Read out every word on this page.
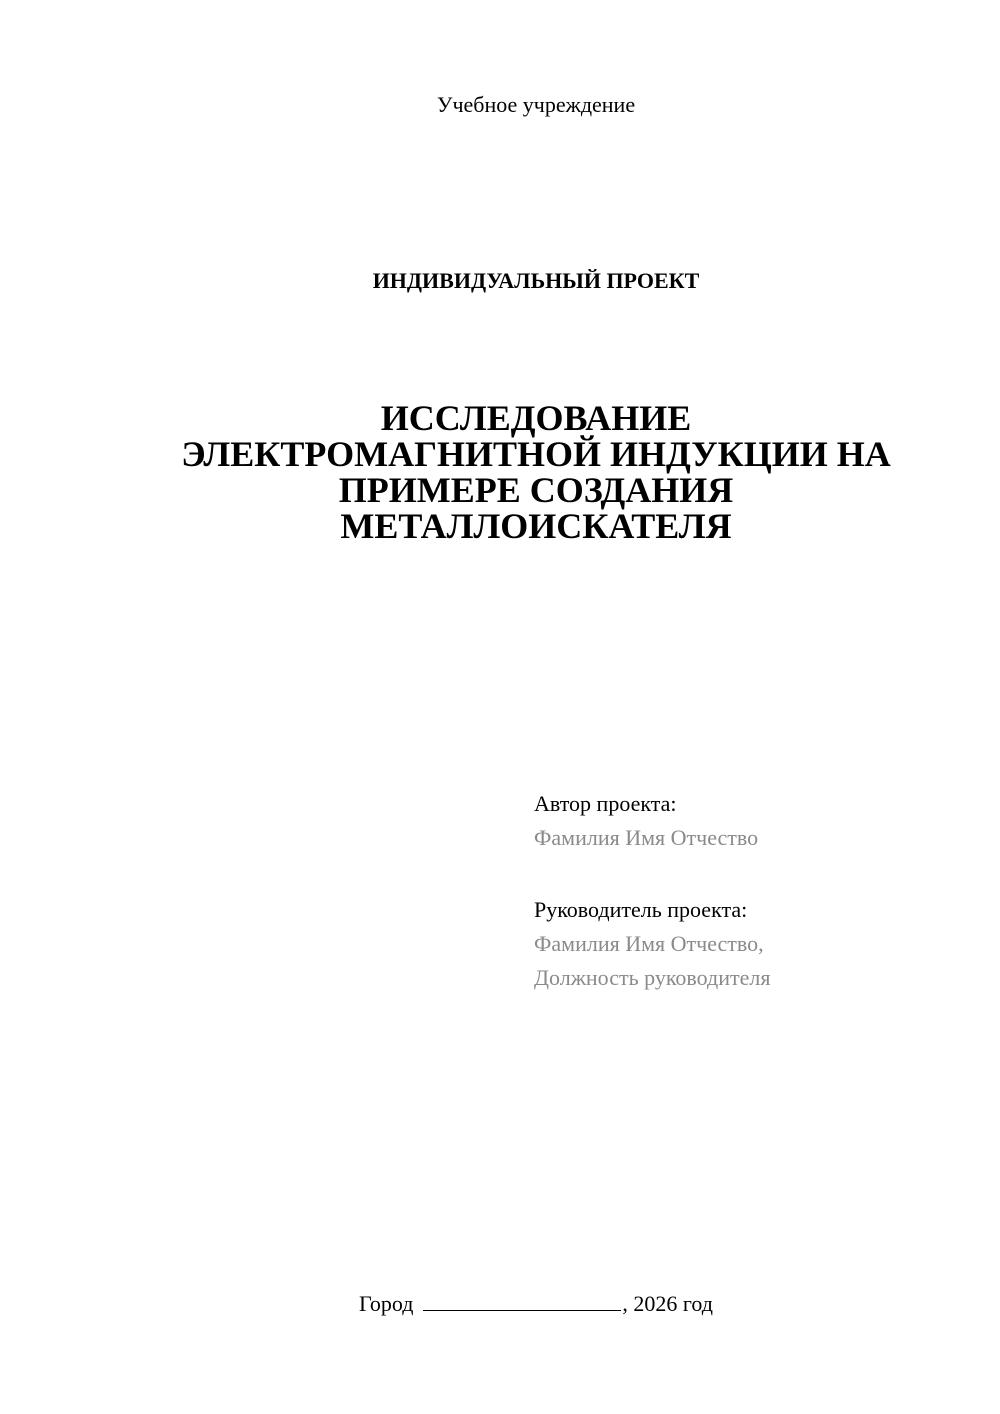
Учебное учреждение
ИНДИВИДУАЛЬНЫЙ ПРОЕКТ
ИССЛЕДОВАНИЕ
ЭЛЕКТРОМАГНИТНОЙ ИНДУКЦИИ НА
ПРИМЕРЕ СОЗДАНИЯ
МЕТАЛЛОИСКАТЕЛЯ
Автор проекта:
Фамилия Имя Отчество
Руководитель проекта:
Фамилия Имя Отчество,
Должность руководителя
Город	, 2026 год
